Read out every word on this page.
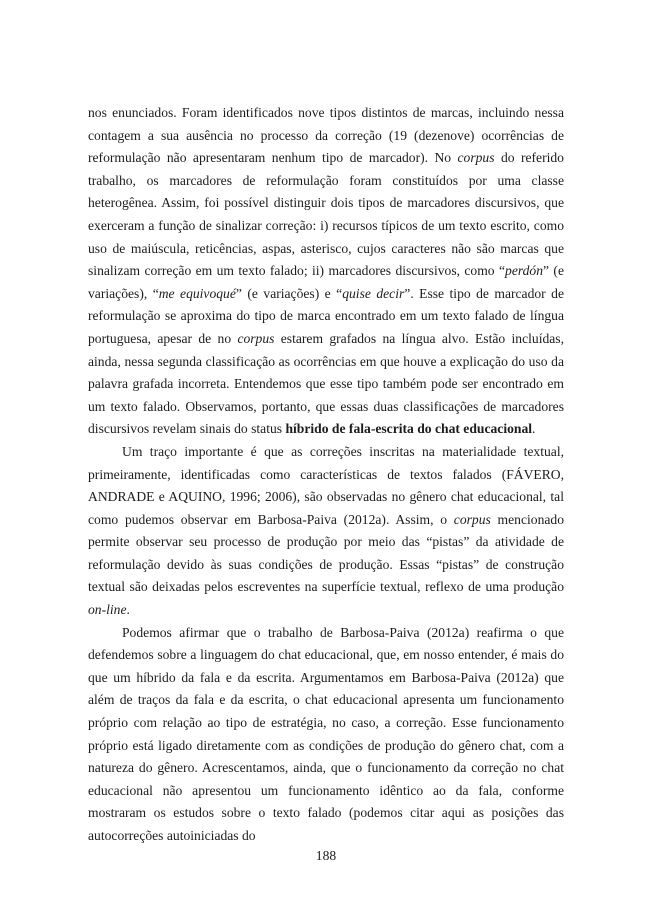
nos enunciados. Foram identificados nove tipos distintos de marcas, incluindo nessa contagem a sua ausência no processo da correção (19 (dezenove) ocorrências de reformulação não apresentaram nenhum tipo de marcador). No corpus do referido trabalho, os marcadores de reformulação foram constituídos por uma classe heterogênea. Assim, foi possível distinguir dois tipos de marcadores discursivos, que exerceram a função de sinalizar correção: i) recursos típicos de um texto escrito, como uso de maiúscula, reticências, aspas, asterisco, cujos caracteres não são marcas que sinalizam correção em um texto falado; ii) marcadores discursivos, como “perdón” (e variações), “me equivoqué” (e variações) e “quise decir”. Esse tipo de marcador de reformulação se aproxima do tipo de marca encontrado em um texto falado de língua portuguesa, apesar de no corpus estarem grafados na língua alvo. Estão incluídas, ainda, nessa segunda classificação as ocorrências em que houve a explicação do uso da palavra grafada incorreta. Entendemos que esse tipo também pode ser encontrado em um texto falado. Observamos, portanto, que essas duas classificações de marcadores discursivos revelam sinais do status híbrido de fala-escrita do chat educacional.

Um traço importante é que as correções inscritas na materialidade textual, primeiramente, identificadas como características de textos falados (FÁVERO, ANDRADE e AQUINO, 1996; 2006), são observadas no gênero chat educacional, tal como pudemos observar em Barbosa-Paiva (2012a). Assim, o corpus mencionado permite observar seu processo de produção por meio das “pistas” da atividade de reformulação devido às suas condições de produção. Essas “pistas” de construção textual são deixadas pelos escreventes na superfície textual, reflexo de uma produção on-line.

Podemos afirmar que o trabalho de Barbosa-Paiva (2012a) reafirma o que defendemos sobre a linguagem do chat educacional, que, em nosso entender, é mais do que um híbrido da fala e da escrita. Argumentamos em Barbosa-Paiva (2012a) que além de traços da fala e da escrita, o chat educacional apresenta um funcionamento próprio com relação ao tipo de estratégia, no caso, a correção. Esse funcionamento próprio está ligado diretamente com as condições de produção do gênero chat, com a natureza do gênero. Acrescentamos, ainda, que o funcionamento da correção no chat educacional não apresentou um funcionamento idêntico ao da fala, conforme mostraram os estudos sobre o texto falado (podemos citar aqui as posições das autocorreções autoiniciadas do

188
